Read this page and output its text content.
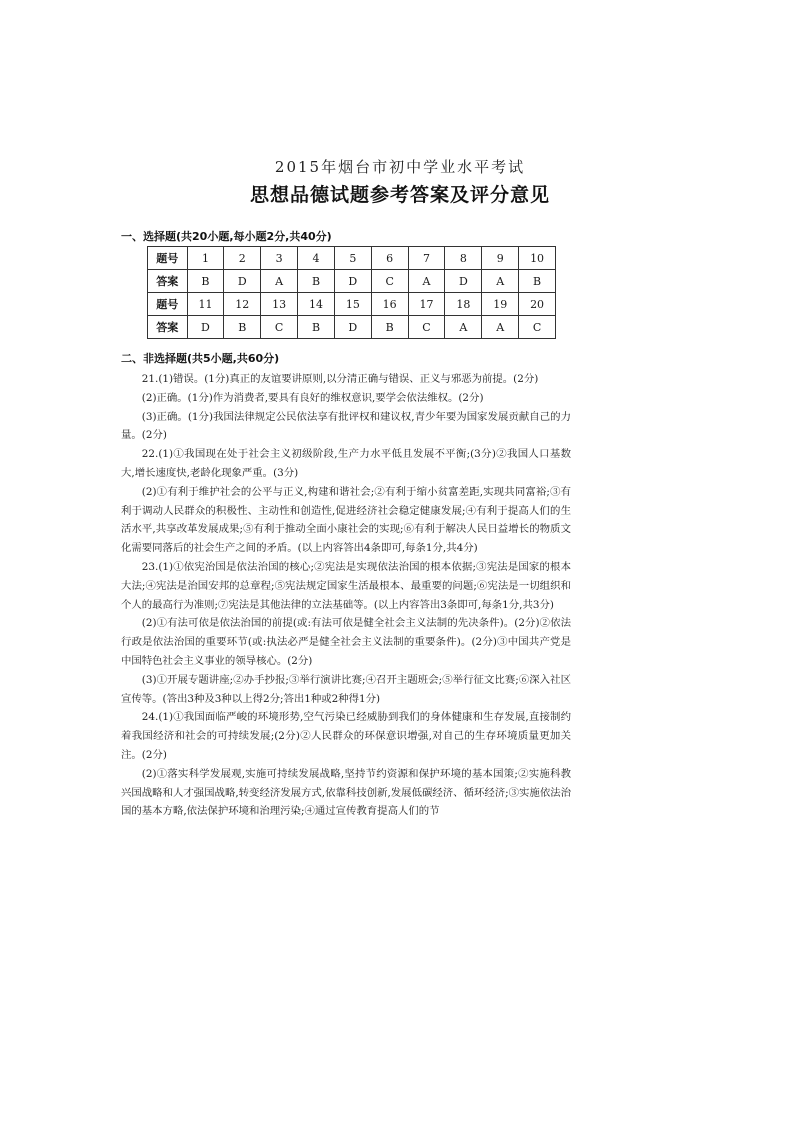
2015年烟台市初中学业水平考试
思想品德试题参考答案及评分意见
一、选择题(共20小题,每小题2分,共40分)
题号	1	2	3	4	5	6	7	8	9	10
答案	B	D	A	B	D	C	A	D	A	B
题号	11	12	13	14	15	16	17	18	19	20
答案	D	B	C	B	D	B	C	A	A	C
二、非选择题(共5小题,共60分)

21.(1)错误。(1分)真正的友谊要讲原则,以分清正确与错误、正义与邪恶为前提。(2分)

(2)正确。(1分)作为消费者,要具有良好的维权意识,要学会依法维权。(2分)

(3)正确。(1分)我国法律规定公民依法享有批评权和建议权,青少年要为国家发展贡献自己的力量。(2分)

22.(1)①我国现在处于社会主义初级阶段,生产力水平低且发展不平衡;(3分)②我国人口基数大,增长速度快,老龄化现象严重。(3分)

(2)①有利于维护社会的公平与正义,构建和谐社会;②有利于缩小贫富差距,实现共同富裕;③有利于调动人民群众的积极性、主动性和创造性,促进经济社会稳定健康发展;④有利于提高人们的生活水平,共享改革发展成果;⑤有利于推动全面小康社会的实现;⑥有利于解决人民日益增长的物质文化需要同落后的社会生产之间的矛盾。(以上内容答出4条即可,每条1分,共4分)

23.(1)①依宪治国是依法治国的核心;②宪法是实现依法治国的根本依据;③宪法是国家的根本大法;④宪法是治国安邦的总章程;⑤宪法规定国家生活最根本、最重要的问题;⑥宪法是一切组织和个人的最高行为准则;⑦宪法是其他法律的立法基础等。(以上内容答出3条即可,每条1分,共3分)

(2)①有法可依是依法治国的前提(或:有法可依是健全社会主义法制的先决条件)。(2分)②依法行政是依法治国的重要环节(或:执法必严是健全社会主义法制的重要条件)。(2分)③中国共产党是中国特色社会主义事业的领导核心。(2分)

(3)①开展专题讲座;②办手抄报;③举行演讲比赛;④召开主题班会;⑤举行征文比赛;⑥深入社区宣传等。(答出3种及3种以上得2分;答出1种或2种得1分)

24.(1)①我国面临严峻的环境形势,空气污染已经威胁到我们的身体健康和生存发展,直接制约着我国经济和社会的可持续发展;(2分)②人民群众的环保意识增强,对自己的生存环境质量更加关注。(2分)

(2)①落实科学发展观,实施可持续发展战略,坚持节约资源和保护环境的基本国策;②实施科教兴国战略和人才强国战略,转变经济发展方式,依靠科技创新,发展低碳经济、循环经济;③实施依法治国的基本方略,依法保护环境和治理污染;④通过宣传教育提高人们的节
